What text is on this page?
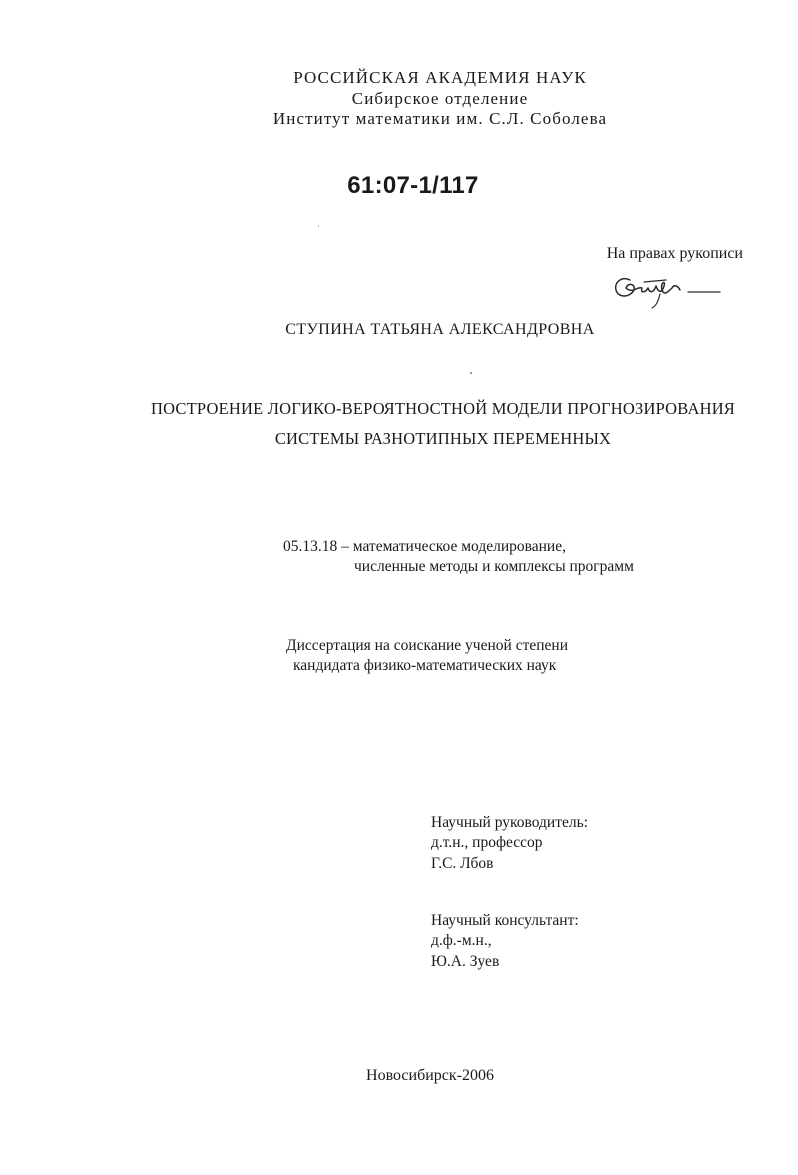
РОССИЙСКАЯ АКАДЕМИЯ НАУК
Сибирское отделение
Институт математики им. С.Л. Соболева
61:07-1/117
На правах рукописи
СТУПИНА ТАТЬЯНА АЛЕКСАНДРОВНА
ПОСТРОЕНИЕ ЛОГИКО-ВЕРОЯТНОСТНОЙ МОДЕЛИ ПРОГНОЗИРОВАНИЯ
СИСТЕМЫ РАЗНОТИПНЫХ ПЕРЕМЕННЫХ
05.13.18 – математическое моделирование,
численные методы и комплексы программ
Диссертация на соискание ученой степени
кандидата физико-математических наук
Научный руководитель:
д.т.н., профессор
Г.С. Лбов
Научный консультант:
д.ф.-м.н.,
Ю.А. Зуев
Новосибирск-2006
